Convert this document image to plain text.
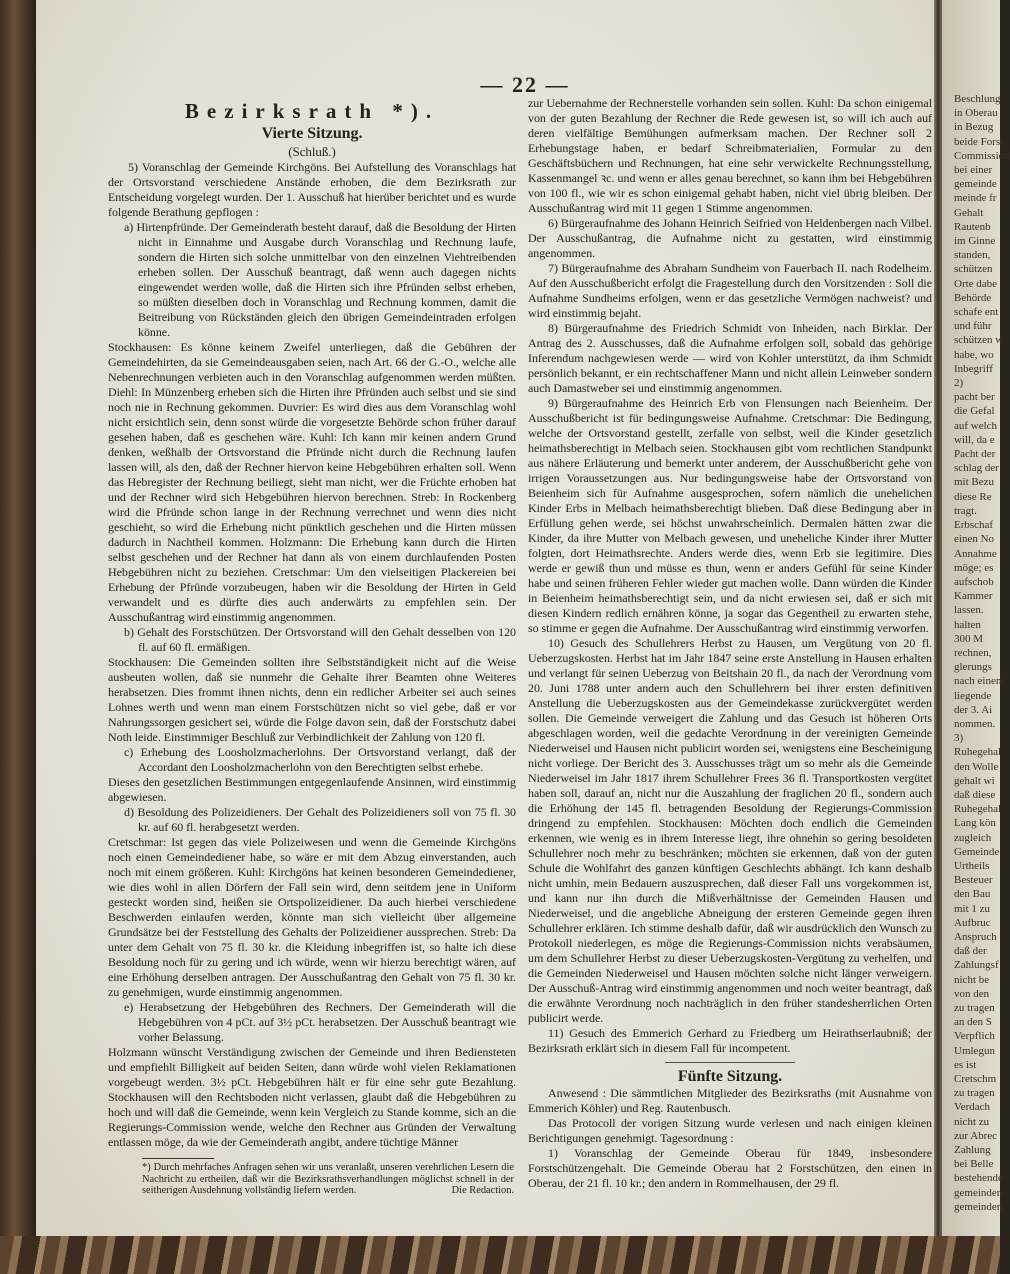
Beschlung
in Oberau
in Bezug
beide Forst
Commission
bei einer
gemeinde
meinde fr
Gehalt
Rautenb
im Ginne
standen,
schützen
Orte dabe
Behörde
schafe ent
und führ
schützen w
habe, wo
Inbegriff
2)
pacht ber
die Gefal
auf welch
will, da e
Pacht der
schlag der
mit Bezu
diese Re
tragt.
Erbschaf
einen No
Annahme
möge; es
aufschob
Kammer
lassen.
halten
300 M
rechnen,
glerungs
nach einem
liegende
der 3. Ai
nommen.
3)
Ruhegehal
den Wolle
gehalt wi
daß diese
Ruhegehal
Lang kön
zugleich
Gemeinde
Urtheils
Besteuer
den Bau
mit 1 zu
Aufbruc
Anspruch
daß der
Zahlungsf
nicht be
von den
zu tragen
an den S
Verpflich
Umlegun
es ist
Cretschm
zu tragen
Verdach
nicht zu
zur Abrec
Zahlung
bei Belle
bestehende
gemeinden
gemeinden.
— 22 —

Bezirksrath *).

Vierte Sitzung.

(Schluß.)

5) Voranschlag der Gemeinde Kirchgöns. Bei Aufstellung des Voranschlags hat der Ortsvorstand verschiedene Anstände erhoben, die dem Bezirksrath zur Entscheidung vorgelegt wurden. Der 1. Ausschuß hat hierüber berichtet und es wurde folgende Berathung gepflogen :

a) Hirtenpfründe. Der Gemeinderath besteht darauf, daß die Besoldung der Hirten nicht in Einnahme und Ausgabe durch Voranschlag und Rechnung laufe, sondern die Hirten sich solche unmittelbar von den einzelnen Viehtreibenden erheben sollen. Der Ausschuß beantragt, daß wenn auch dagegen nichts eingewendet werden wolle, daß die Hirten sich ihre Pfründen selbst erheben, so müßten dieselben doch in Voranschlag und Rechnung kommen, damit die Beitreibung von Rückständen gleich den übrigen Gemeindeintraden erfolgen könne.

Stockhausen: Es könne keinem Zweifel unterliegen, daß die Gebühren der Gemeindehirten, da sie Gemeindeausgaben seien, nach Art. 66 der G.-O., welche alle Nebenrechnungen verbieten auch in den Voranschlag aufgenommen werden müßten. Diehl: In Münzenberg erheben sich die Hirten ihre Pfründen auch selbst und sie sind noch nie in Rechnung gekommen. Duvrier: Es wird dies aus dem Voranschlag wohl nicht ersichtlich sein, denn sonst würde die vorgesetzte Behörde schon früher darauf gesehen haben, daß es geschehen wäre. Kuhl: Ich kann mir keinen andern Grund denken, weßhalb der Ortsvorstand die Pfründe nicht durch die Rechnung laufen lassen will, als den, daß der Rechner hiervon keine Hebgebühren erhalten soll. Wenn das Hebregister der Rechnung beiliegt, sieht man nicht, wer die Früchte erhoben hat und der Rechner wird sich Hebgebühren hiervon berechnen. Streb: In Rockenberg wird die Pfründe schon lange in der Rechnung verrechnet und wenn dies nicht geschieht, so wird die Erhebung nicht pünktlich geschehen und die Hirten müssen dadurch in Nachtheil kommen. Holzmann: Die Erhebung kann durch die Hirten selbst geschehen und der Rechner hat dann als von einem durchlaufenden Posten Hebgebühren nicht zu beziehen. Cretschmar: Um den vielseitigen Plackereien bei Erhebung der Pfründe vorzubeugen, haben wir die Besoldung der Hirten in Geld verwandelt und es dürfte dies auch anderwärts zu empfehlen sein. Der Ausschußantrag wird einstimmig angenommen.

b) Gehalt des Forstschützen. Der Ortsvorstand will den Gehalt desselben von 120 fl. auf 60 fl. ermäßigen.

Stockhausen: Die Gemeinden sollten ihre Selbstständigkeit nicht auf die Weise ausbeuten wollen, daß sie nunmehr die Gehalte ihrer Beamten ohne Weiteres herabsetzen. Dies frommt ihnen nichts, denn ein redlicher Arbeiter sei auch seines Lohnes werth und wenn man einem Forstschützen nicht so viel gebe, daß er vor Nahrungssorgen gesichert sei, würde die Folge davon sein, daß der Forstschutz dabei Noth leide. Einstimmiger Beschluß zur Verbindlichkeit der Zahlung von 120 fl.

c) Erhebung des Loosholzmacherlohns. Der Ortsvorstand verlangt, daß der Accordant den Loosholzmacherlohn von den Berechtigten selbst erhebe.

Dieses den gesetzlichen Bestimmungen entgegenlaufende Ansinnen, wird einstimmig abgewiesen.

d) Besoldung des Polizeidieners. Der Gehalt des Polizeidieners soll von 75 fl. 30 kr. auf 60 fl. herabgesetzt werden.

Cretschmar: Ist gegen das viele Polizeiwesen und wenn die Gemeinde Kirchgöns noch einen Gemeindediener habe, so wäre er mit dem Abzug einverstanden, auch noch mit einem größeren. Kuhl: Kirchgöns hat keinen besonderen Gemeindediener, wie dies wohl in allen Dörfern der Fall sein wird, denn seitdem jene in Uniform gesteckt worden sind, heißen sie Ortspolizeidiener. Da auch hierbei verschiedene Beschwerden einlaufen werden, könnte man sich vielleicht über allgemeine Grundsätze bei der Feststellung des Gehalts der Polizeidiener aussprechen. Streb: Da unter dem Gehalt von 75 fl. 30 kr. die Kleidung inbegriffen ist, so halte ich diese Besoldung noch für zu gering und ich würde, wenn wir hierzu berechtigt wären, auf eine Erhöhung derselben antragen. Der Ausschußantrag den Gehalt von 75 fl. 30 kr. zu genehmigen, wurde einstimmig angenommen.

e) Herabsetzung der Hebgebühren des Rechners. Der Gemeinderath will die Hebgebühren von 4 pCt. auf 3½ pCt. herabsetzen. Der Ausschuß beantragt wie vorher Belassung.

Holzmann wünscht Verständigung zwischen der Gemeinde und ihren Bediensteten und empfiehlt Billigkeit auf beiden Seiten, dann würde wohl vielen Reklamationen vorgebeugt werden. 3½ pCt. Hebgebühren hält er für eine sehr gute Bezahlung. Stockhausen will den Rechtsboden nicht verlassen, glaubt daß die Hebgebühren zu hoch und will daß die Gemeinde, wenn kein Vergleich zu Stande komme, sich an die Regierungs-Commission wende, welche den Rechner aus Gründen der Verwaltung entlassen möge, da wie der Gemeinderath angibt, andere tüchtige Männer

*) Durch mehrfaches Anfragen sehen wir uns veranlaßt, unseren verehrlichen Lesern die Nachricht zu ertheilen, daß wir die Bezirksrathsverhandlungen möglichst schnell in der seitherigen Ausdehnung vollständig liefern werden.	Die Redaction.

zur Uebernahme der Rechnerstelle vorhanden sein sollen. Kuhl: Da schon einigemal von der guten Bezahlung der Rechner die Rede gewesen ist, so will ich auch auf deren vielfältige Bemühungen aufmerksam machen. Der Rechner soll 2 Erhebungstage haben, er bedarf Schreibmaterialien, Formular zu den Geschäftsbüchern und Rechnungen, hat eine sehr verwickelte Rechnungsstellung, Kassenmangel ꝛc. und wenn er alles genau berechnet, so kann ihm bei Hebgebühren von 100 fl., wie wir es schon einigemal gehabt haben, nicht viel übrig bleiben. Der Ausschußantrag wird mit 11 gegen 1 Stimme angenommen.

6) Bürgeraufnahme des Johann Heinrich Seifried von Heldenbergen nach Vilbel. Der Ausschußantrag, die Aufnahme nicht zu gestatten, wird einstimmig angenommen.

7) Bürgeraufnahme des Abraham Sundheim von Fauerbach II. nach Rodelheim. Auf den Ausschußbericht erfolgt die Fragestellung durch den Vorsitzenden : Soll die Aufnahme Sundheims erfolgen, wenn er das gesetzliche Vermögen nachweist? und wird einstimmig bejaht.

8) Bürgeraufnahme des Friedrich Schmidt von Inheiden, nach Birklar. Der Antrag des 2. Ausschusses, daß die Aufnahme erfolgen soll, sobald das gehörige Inferendum nachgewiesen werde — wird von Kohler unterstützt, da ihm Schmidt persönlich bekannt, er ein rechtschaffener Mann und nicht allein Leinweber sondern auch Damastweber sei und einstimmig angenommen.

9) Bürgeraufnahme des Heinrich Erb von Flensungen nach Beienheim. Der Ausschußbericht ist für bedingungsweise Aufnahme. Cretschmar: Die Bedingung, welche der Ortsvorstand gestellt, zerfalle von selbst, weil die Kinder gesetzlich heimathsberechtigt in Melbach seien. Stockhausen gibt vom rechtlichen Standpunkt aus nähere Erläuterung und bemerkt unter anderem, der Ausschußbericht gehe von irrigen Voraussetzungen aus. Nur bedingungsweise habe der Ortsvorstand von Beienheim sich für Aufnahme ausgesprochen, sofern nämlich die unehelichen Kinder Erbs in Melbach heimathsberechtigt blieben. Daß diese Bedingung aber in Erfüllung gehen werde, sei höchst unwahrscheinlich. Dermalen hätten zwar die Kinder, da ihre Mutter von Melbach gewesen, und uneheliche Kinder ihrer Mutter folgten, dort Heimathsrechte. Anders werde dies, wenn Erb sie legitimire. Dies werde er gewiß thun und müsse es thun, wenn er anders Gefühl für seine Kinder habe und seinen früheren Fehler wieder gut machen wolle. Dann würden die Kinder in Beienheim heimathsberechtigt sein, und da nicht erwiesen sei, daß er sich mit diesen Kindern redlich ernähren könne, ja sogar das Gegentheil zu erwarten stehe, so stimme er gegen die Aufnahme. Der Ausschußantrag wird einstimmig verworfen.

10) Gesuch des Schullehrers Herbst zu Hausen, um Vergütung von 20 fl. Ueberzugskosten. Herbst hat im Jahr 1847 seine erste Anstellung in Hausen erhalten und verlangt für seinen Ueberzug von Beitshain 20 fl., da nach der Verordnung vom 20. Juni 1788 unter andern auch den Schullehrern bei ihrer ersten definitiven Anstellung die Ueberzugskosten aus der Gemeindekasse zurückvergütet werden sollen. Die Gemeinde verweigert die Zahlung und das Gesuch ist höheren Orts abgeschlagen worden, weil die gedachte Verordnung in der vereinigten Gemeinde Niederweisel und Hausen nicht publicirt worden sei, wenigstens eine Bescheinigung nicht vorliege. Der Bericht des 3. Ausschusses trägt um so mehr als die Gemeinde Niederweisel im Jahr 1817 ihrem Schullehrer Frees 36 fl. Transportkosten vergütet haben soll, darauf an, nicht nur die Auszahlung der fraglichen 20 fl., sondern auch die Erhöhung der 145 fl. betragenden Besoldung der Regierungs-Commission dringend zu empfehlen. Stockhausen: Möchten doch endlich die Gemeinden erkennen, wie wenig es in ihrem Interesse liegt, ihre ohnehin so gering besoldeten Schullehrer noch mehr zu beschränken; möchten sie erkennen, daß von der guten Schule die Wohlfahrt des ganzen künftigen Geschlechts abhängt. Ich kann deshalb nicht umhin, mein Bedauern auszusprechen, daß dieser Fall uns vorgekommen ist, und kann nur ihn durch die Mißverhältnisse der Gemeinden Hausen und Niederweisel, und die angebliche Abneigung der ersteren Gemeinde gegen ihren Schullehrer erklären. Ich stimme deshalb dafür, daß wir ausdrücklich den Wunsch zu Protokoll niederlegen, es möge die Regierungs-Commission nichts verabsäumen, um dem Schullehrer Herbst zu dieser Ueberzugskosten-Vergütung zu verhelfen, und die Gemeinden Niederweisel und Hausen möchten solche nicht länger verweigern. Der Ausschuß-Antrag wird einstimmig angenommen und noch weiter beantragt, daß die erwähnte Verordnung noch nachträglich in den früher standesherrlichen Orten publicirt werde.

11) Gesuch des Emmerich Gerhard zu Friedberg um Heirathserlaubniß; der Bezirksrath erklärt sich in diesem Fall für incompetent.

Fünfte Sitzung.

Anwesend : Die sämmtlichen Mitglieder des Bezirksraths (mit Ausnahme von Emmerich Köhler) und Reg. Rautenbusch.

Das Protocoll der vorigen Sitzung wurde verlesen und nach einigen kleinen Berichtigungen genehmigt. Tagesordnung :

1) Voranschlag der Gemeinde Oberau für 1849, insbesondere Forstschützengehalt. Die Gemeinde Oberau hat 2 Forstschützen, den einen in Oberau, der 21 fl. 10 kr.; den andern in Rommelhausen, der 29 fl.
